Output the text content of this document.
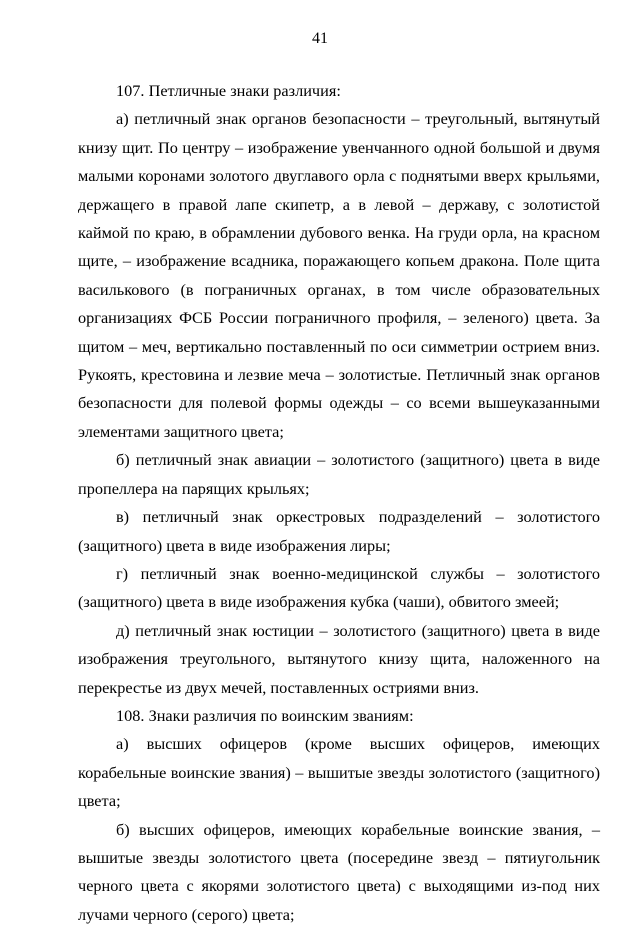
41

107. Петличные знаки различия:

а) петличный знак органов безопасности – треугольный, вытянутый книзу щит. По центру – изображение увенчанного одной большой и двумя малыми коронами золотого двуглавого орла с поднятыми вверх крыльями, держащего в правой лапе скипетр, а в левой – державу, с золотистой каймой по краю, в обрамлении дубового венка. На груди орла, на красном щите, – изображение всадника, поражающего копьем дракона. Поле щита василькового (в пограничных органах, в том числе образовательных организациях ФСБ России пограничного профиля, – зеленого) цвета. За щитом – меч, вертикально поставленный по оси симметрии острием вниз. Рукоять, крестовина и лезвие меча – золотистые. Петличный знак органов безопасности для полевой формы одежды – со всеми вышеуказанными элементами защитного цвета;

б) петличный знак авиации – золотистого (защитного) цвета в виде пропеллера на парящих крыльях;

в) петличный знак оркестровых подразделений – золотистого (защитного) цвета в виде изображения лиры;

г) петличный знак военно-медицинской службы – золотистого (защитного) цвета в виде изображения кубка (чаши), обвитого змеей;

д) петличный знак юстиции – золотистого (защитного) цвета в виде изображения треугольного, вытянутого книзу щита, наложенного на перекрестье из двух мечей, поставленных остриями вниз.

108. Знаки различия по воинским званиям:

а) высших офицеров (кроме высших офицеров, имеющих корабельные воинские звания) – вышитые звезды золотистого (защитного) цвета;

б) высших офицеров, имеющих корабельные воинские звания, – вышитые звезды золотистого цвета (посередине звезд – пятиугольник черного цвета с якорями золотистого цвета) с выходящими из-под них лучами черного (серого) цвета;
